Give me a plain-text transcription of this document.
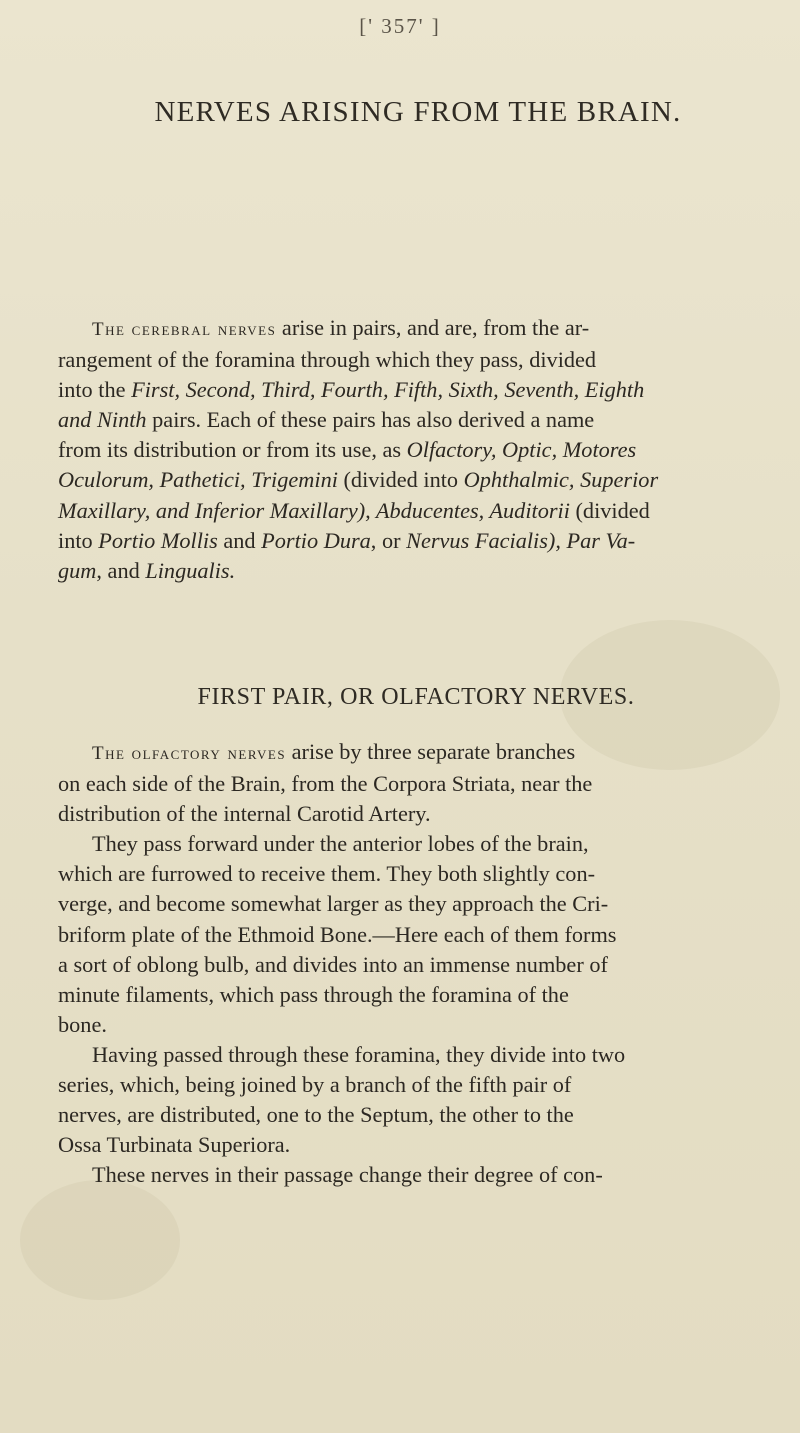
[' 357' ]
NERVES ARISING FROM THE BRAIN.
The cerebral nerves arise in pairs, and are, from the ar-
rangement of the foramina through which they pass, divided
into the First, Second, Third, Fourth, Fifth, Sixth, Seventh, Eighth
and Ninth pairs. Each of these pairs has also derived a name
from its distribution or from its use, as Olfactory, Optic, Motores
Oculorum, Pathetici, Trigemini (divided into Ophthalmic, Superior
Maxillary, and Inferior Maxillary), Abducentes, Auditorii (divided
into Portio Mollis and Portio Dura, or Nervus Facialis), Par Va-
gum, and Lingualis.
FIRST PAIR, OR OLFACTORY NERVES.
The olfactory nerves arise by three separate branches
on each side of the Brain, from the Corpora Striata, near the
distribution of the internal Carotid Artery.
They pass forward under the anterior lobes of the brain,
which are furrowed to receive them. They both slightly con-
verge, and become somewhat larger as they approach the Cri-
briform plate of the Ethmoid Bone.—Here each of them forms
a sort of oblong bulb, and divides into an immense number of
minute filaments, which pass through the foramina of the
bone.
Having passed through these foramina, they divide into two
series, which, being joined by a branch of the fifth pair of
nerves, are distributed, one to the Septum, the other to the
Ossa Turbinata Superiora.
These nerves in their passage change their degree of con-
